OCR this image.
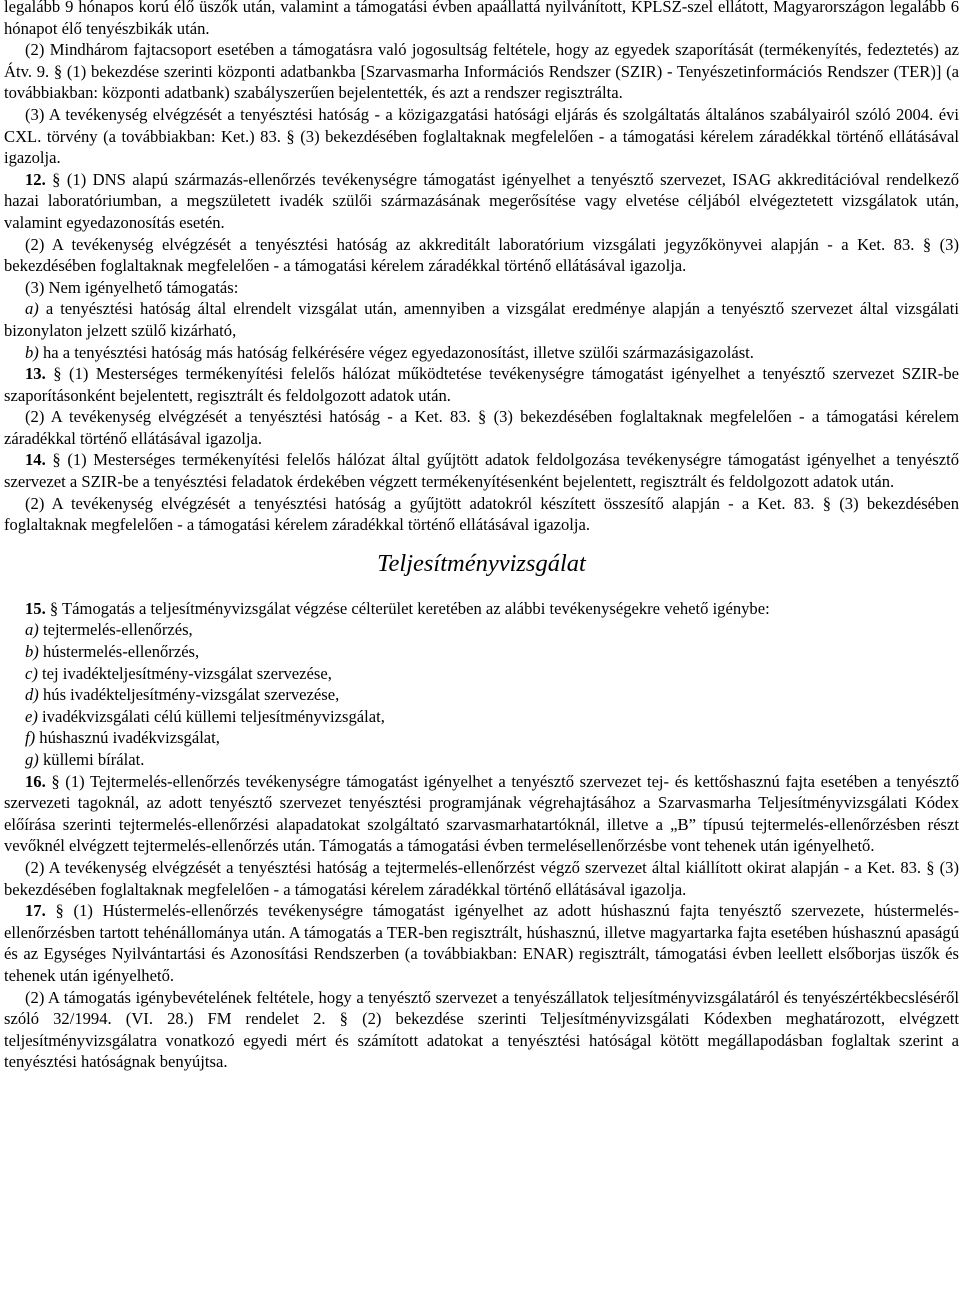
legalább 9 hónapos korú élő üszők után, valamint a támogatási évben apaállattá nyilvánított, KPLSZ-szel ellátott, Magyarországon legalább 6 hónapot élő tenyészbikák után.

(2) Mindhárom fajtacsoport esetében a támogatásra való jogosultság feltétele, hogy az egyedek szaporítását (termékenyítés, fedeztetés) az Átv. 9. § (1) bekezdése szerinti központi adatbankba [Szarvasmarha Információs Rendszer (SZIR) - Tenyészetinformációs Rendszer (TER)] (a továbbiakban: központi adatbank) szabályszerűen bejelentették, és azt a rendszer regisztrálta.

(3) A tevékenység elvégzését a tenyésztési hatóság - a közigazgatási hatósági eljárás és szolgáltatás általános szabályairól szóló 2004. évi CXL. törvény (a továbbiakban: Ket.) 83. § (3) bekezdésében foglaltaknak megfelelően - a támogatási kérelem záradékkal történő ellátásával igazolja.

12. § (1) DNS alapú származás-ellenőrzés tevékenységre támogatást igényelhet a tenyésztő szervezet, ISAG akkreditációval rendelkező hazai laboratóriumban, a megszületett ivadék szülői származásának megerősítése vagy elvetése céljából elvégeztetett vizsgálatok után, valamint egyedazonosítás esetén.

(2) A tevékenység elvégzését a tenyésztési hatóság az akkreditált laboratórium vizsgálati jegyzőkönyvei alapján - a Ket. 83. § (3) bekezdésében foglaltaknak megfelelően - a támogatási kérelem záradékkal történő ellátásával igazolja.

(3) Nem igényelhető támogatás:

a) a tenyésztési hatóság által elrendelt vizsgálat után, amennyiben a vizsgálat eredménye alapján a tenyésztő szervezet által vizsgálati bizonylaton jelzett szülő kizárható,

b) ha a tenyésztési hatóság más hatóság felkérésére végez egyedazonosítást, illetve szülői származásigazolást.

13. § (1) Mesterséges termékenyítési felelős hálózat működtetése tevékenységre támogatást igényelhet a tenyésztő szervezet SZIR-be szaporításonként bejelentett, regisztrált és feldolgozott adatok után.

(2) A tevékenység elvégzését a tenyésztési hatóság - a Ket. 83. § (3) bekezdésében foglaltaknak megfelelően - a támogatási kérelem záradékkal történő ellátásával igazolja.

14. § (1) Mesterséges termékenyítési felelős hálózat által gyűjtött adatok feldolgozása tevékenységre támogatást igényelhet a tenyésztő szervezet a SZIR-be a tenyésztési feladatok érdekében végzett termékenyítésenként bejelentett, regisztrált és feldolgozott adatok után.

(2) A tevékenység elvégzését a tenyésztési hatóság a gyűjtött adatokról készített összesítő alapján - a Ket. 83. § (3) bekezdésében foglaltaknak megfelelően - a támogatási kérelem záradékkal történő ellátásával igazolja.

Teljesítményvizsgálat

15. § Támogatás a teljesítményvizsgálat végzése célterület keretében az alábbi tevékenységekre vehető igénybe:

a) tejtermelés-ellenőrzés,

b) hústermelés-ellenőrzés,

c) tej ivadékteljesítmény-vizsgálat szervezése,

d) hús ivadékteljesítmény-vizsgálat szervezése,

e) ivadékvizsgálati célú küllemi teljesítményvizsgálat,

f) húshasznú ivadékvizsgálat,

g) küllemi bírálat.

16. § (1) Tejtermelés-ellenőrzés tevékenységre támogatást igényelhet a tenyésztő szervezet tej- és kettőshasznú fajta esetében a tenyésztő szervezeti tagoknál, az adott tenyésztő szervezet tenyésztési programjának végrehajtásához a Szarvasmarha Teljesítményvizsgálati Kódex előírása szerinti tejtermelés-ellenőrzési alapadatokat szolgáltató szarvasmarhatartóknál, illetve a „B” típusú tejtermelés-ellenőrzésben részt vevőknél elvégzett tejtermelés-ellenőrzés után. Támogatás a támogatási évben termelésellenőrzésbe vont tehenek után igényelhető.

(2) A tevékenység elvégzését a tenyésztési hatóság a tejtermelés-ellenőrzést végző szervezet által kiállított okirat alapján - a Ket. 83. § (3) bekezdésében foglaltaknak megfelelően - a támogatási kérelem záradékkal történő ellátásával igazolja.

17. § (1) Hústermelés-ellenőrzés tevékenységre támogatást igényelhet az adott húshasznú fajta tenyésztő szervezete, hústermelés-ellenőrzésben tartott tehénállománya után. A támogatás a TER-ben regisztrált, húshasznú, illetve magyartarka fajta esetében húshasznú apaságú és az Egységes Nyilvántartási és Azonosítási Rendszerben (a továbbiakban: ENAR) regisztrált, támogatási évben leellett elsőborjas üszők és tehenek után igényelhető.

(2) A támogatás igénybevételének feltétele, hogy a tenyésztő szervezet a tenyészállatok teljesítményvizsgálatáról és tenyészértékbecsléséről szóló 32/1994. (VI. 28.) FM rendelet 2. § (2) bekezdése szerinti Teljesítményvizsgálati Kódexben meghatározott, elvégzett teljesítményvizsgálatra vonatkozó egyedi mért és számított adatokat a tenyésztési hatóságal kötött megállapodásban foglaltak szerint a tenyésztési hatóságnak benyújtsa.
